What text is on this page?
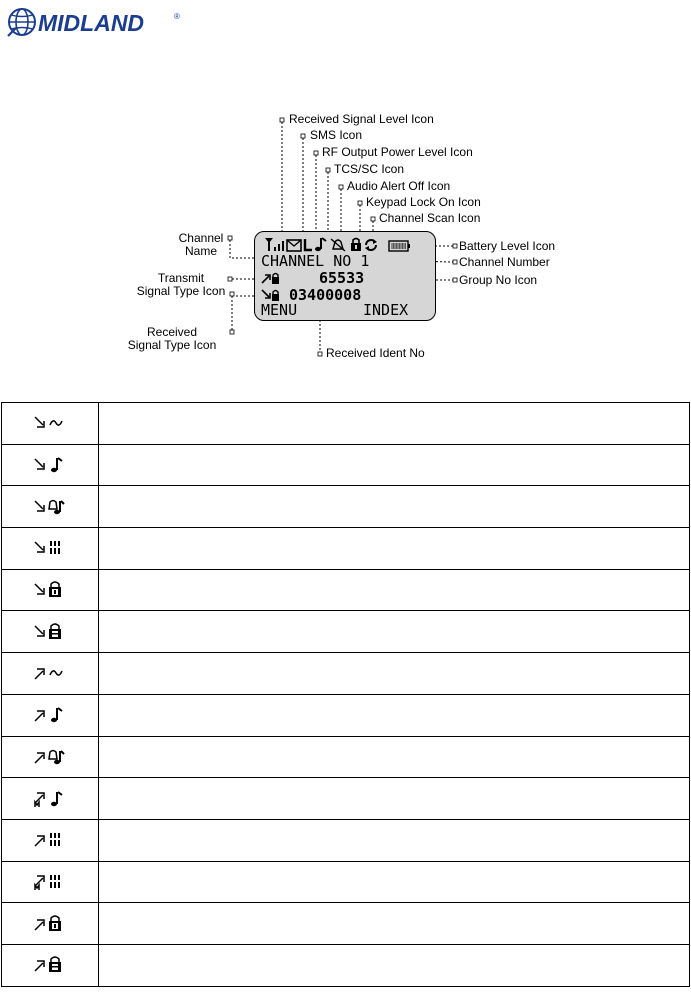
MIDLAND	®
Received Signal Level Icon
SMS Icon
RF Output Power Level Icon
TCS/SC Icon
Audio Alert Off Icon
Keypad Lock On Icon
Channel Scan Icon
Channel
Name	Battery Level Icon
Channel Number
Transmit
Signal Type Icon
Group No Icon
Received
Signal Type Icon
Received Ident No
CHANNEL NO 1
65533
03400008
MENU	INDEX
